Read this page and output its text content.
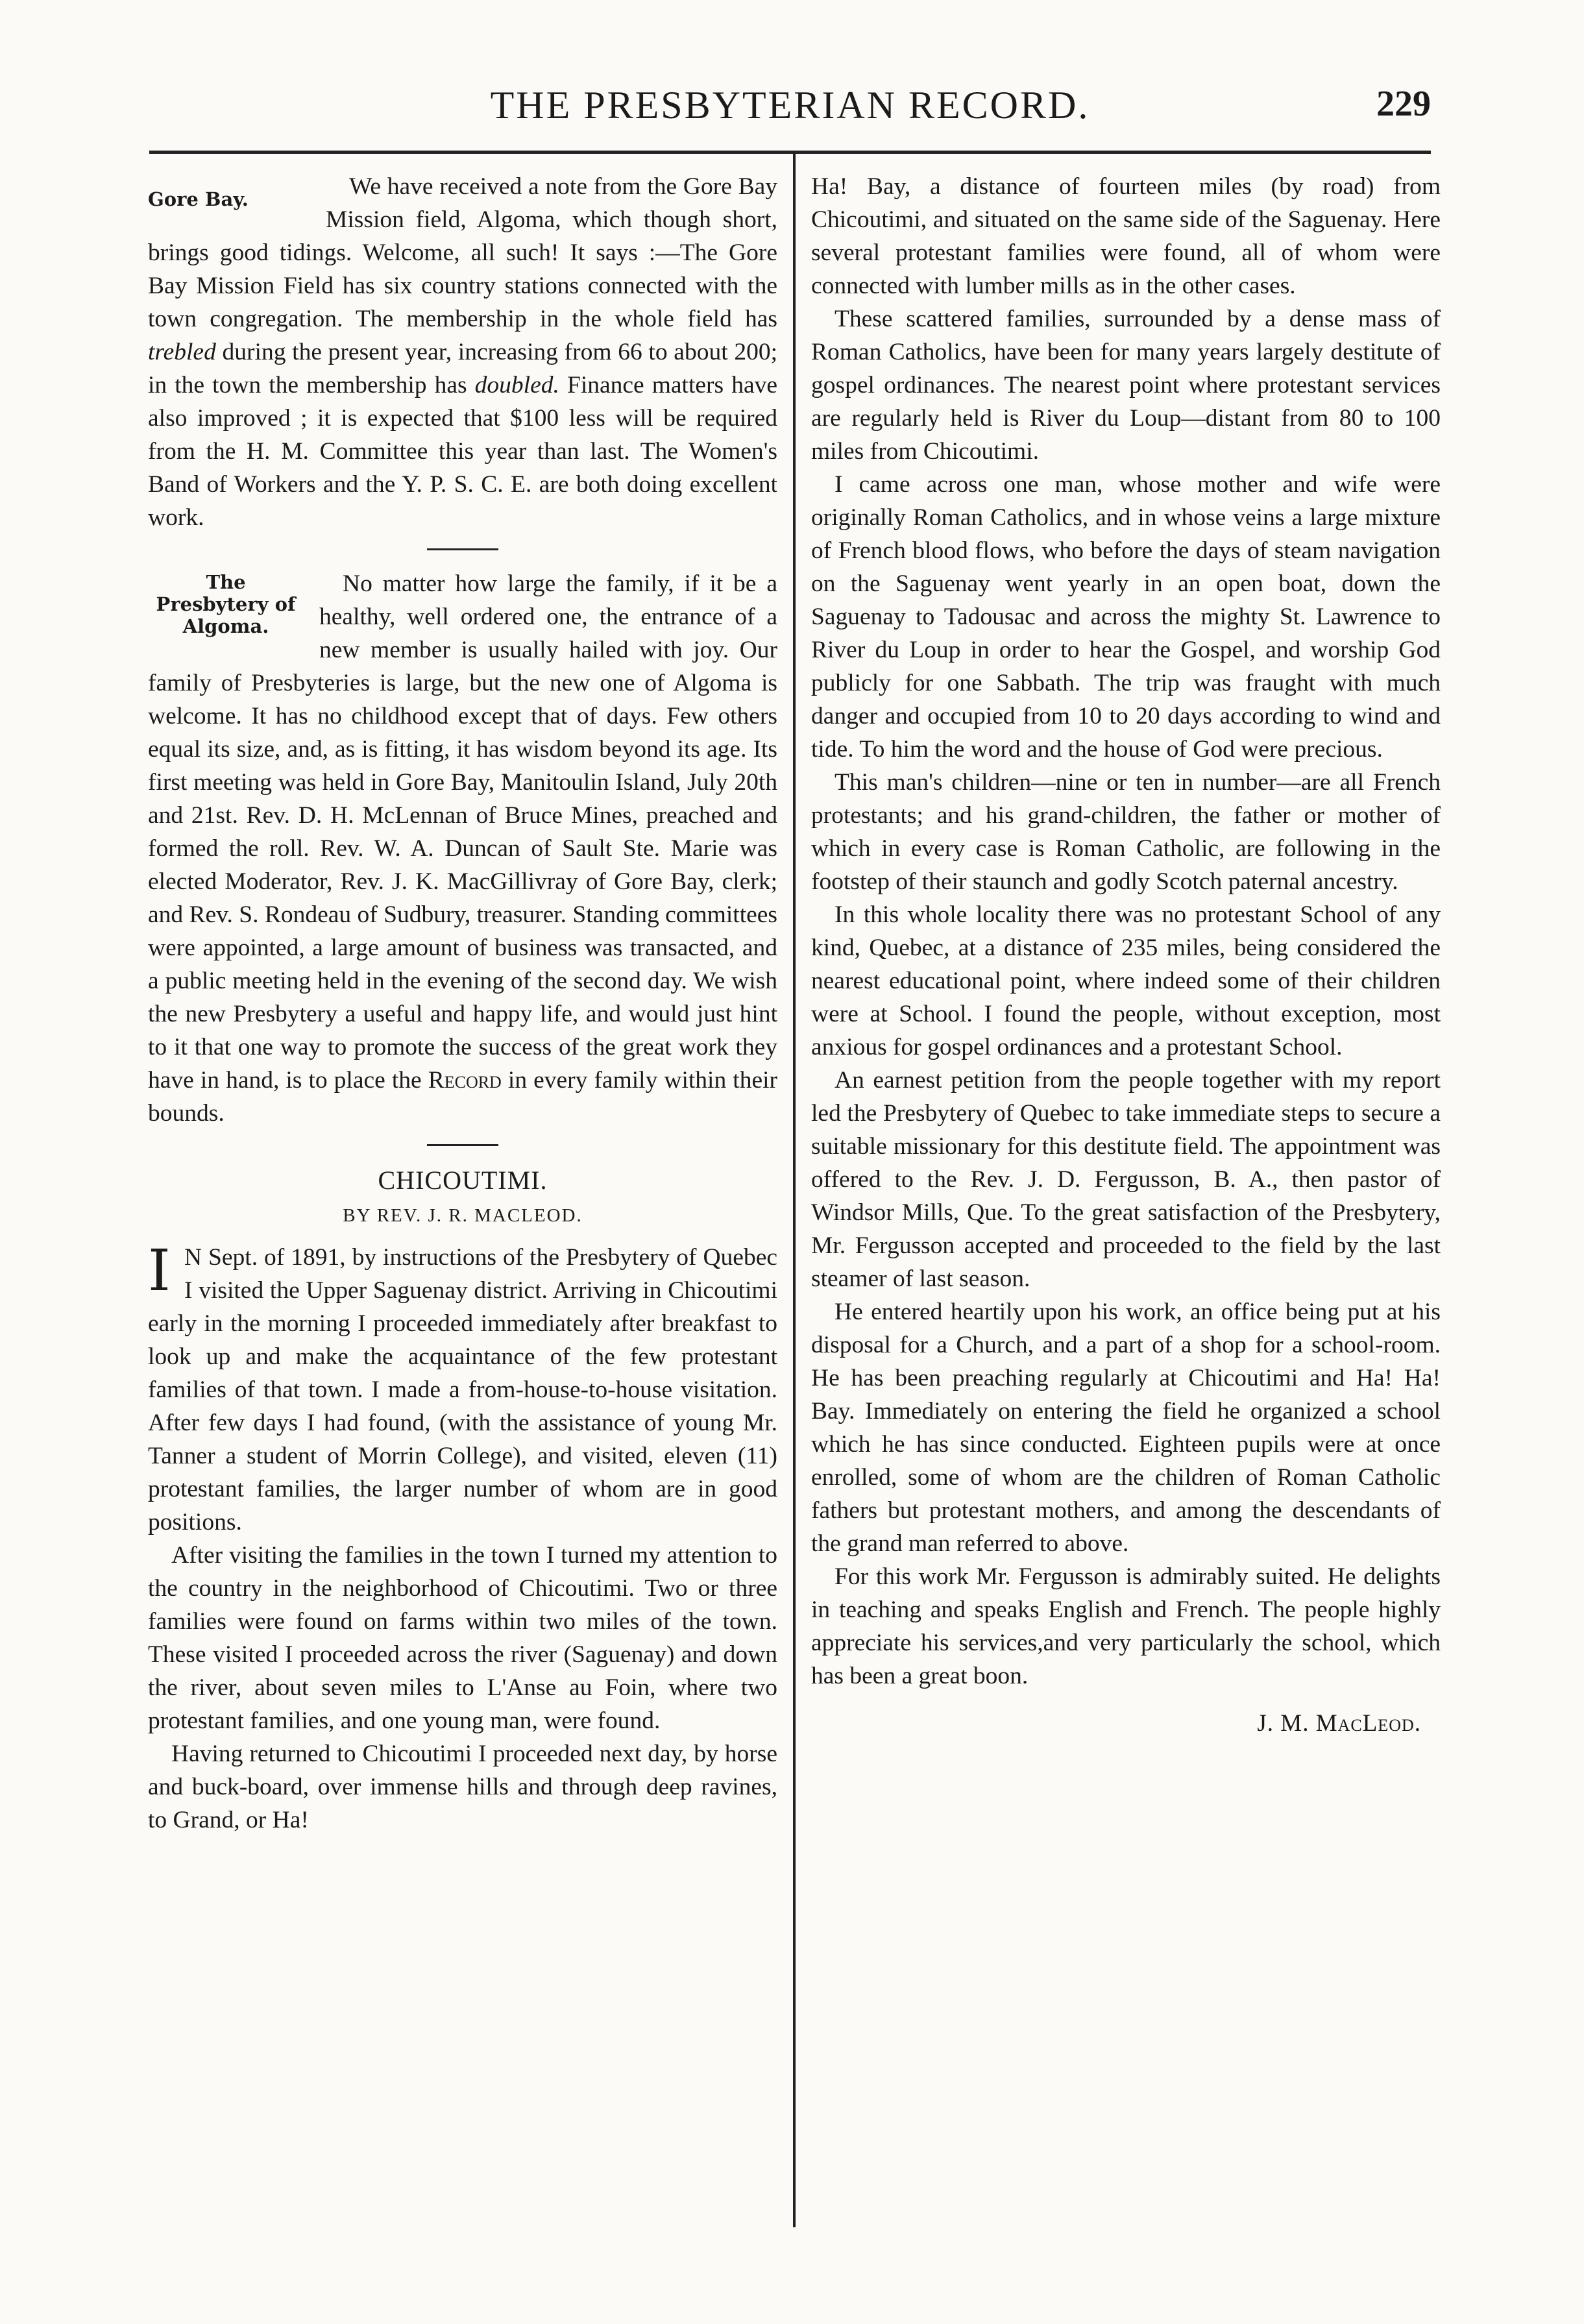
THE PRESBYTERIAN RECORD.	229
Gore Bay.	We have received a note from the Gore Bay Mission field, Algoma, which though short, brings good tidings. Welcome, all such! It says :—The Gore Bay Mission Field has six country stations connected with the town congregation. The membership in the whole field has trebled during the present year, increasing from 66 to about 200; in the town the membership has doubled. Finance matters have also improved ; it is expected that $100 less will be required from the H. M. Committee this year than last. The Women's Band of Workers and the Y. P. S. C. E. are both doing excellent work.

The Presbytery of Algoma.

No matter how large the family, if it be a healthy, well ordered one, the entrance of a new member is usually hailed with joy. Our family of Presbyteries is large, but the new one of Algoma is welcome. It has no childhood except that of days. Few others equal its size, and, as is fitting, it has wisdom beyond its age. Its first meeting was held in Gore Bay, Manitoulin Island, July 20th and 21st. Rev. D. H. McLennan of Bruce Mines, preached and formed the roll. Rev. W. A. Duncan of Sault Ste. Marie was elected Moderator, Rev. J. K. MacGillivray of Gore Bay, clerk; and Rev. S. Rondeau of Sudbury, treasurer. Standing committees were appointed, a large amount of business was transacted, and a public meeting held in the evening of the second day. We wish the new Presbytery a useful and happy life, and would just hint to it that one way to promote the success of the great work they have in hand, is to place the Record in every family within their bounds.

CHICOUTIMI.
BY REV. J. R. MACLEOD.

I N Sept. of 1891, by instructions of the Presbytery of Quebec I visited the Upper Saguenay district. Arriving in Chicoutimi early in the morning I proceeded immediately after breakfast to look up and make the acquaintance of the few protestant families of that town. I made a from-house-to-house visitation. After few days I had found, (with the assistance of young Mr. Tanner a student of Morrin College), and visited, eleven (11) protestant families, the larger number of whom are in good positions.

After visiting the families in the town I turned my attention to the country in the neighborhood of Chicoutimi. Two or three families were found on farms within two miles of the town. These visited I proceeded across the river (Saguenay) and down the river, about seven miles to L'Anse au Foin, where two protestant families, and one young man, were found.

Having returned to Chicoutimi I proceeded next day, by horse and buck-board, over immense hills and through deep ravines, to Grand, or Ha!

Ha! Bay, a distance of fourteen miles (by road) from Chicoutimi, and situated on the same side of the Saguenay. Here several protestant families were found, all of whom were connected with lumber mills as in the other cases.

These scattered families, surrounded by a dense mass of Roman Catholics, have been for many years largely destitute of gospel ordinances. The nearest point where protestant services are regularly held is River du Loup—distant from 80 to 100 miles from Chicoutimi.

I came across one man, whose mother and wife were originally Roman Catholics, and in whose veins a large mixture of French blood flows, who before the days of steam navigation on the Saguenay went yearly in an open boat, down the Saguenay to Tadousac and across the mighty St. Lawrence to River du Loup in order to hear the Gospel, and worship God publicly for one Sabbath. The trip was fraught with much danger and occupied from 10 to 20 days according to wind and tide. To him the word and the house of God were precious.

This man's children—nine or ten in number—are all French protestants; and his grand-children, the father or mother of which in every case is Roman Catholic, are following in the footstep of their staunch and godly Scotch paternal ancestry.

In this whole locality there was no protestant School of any kind, Quebec, at a distance of 235 miles, being considered the nearest educational point, where indeed some of their children were at School. I found the people, without exception, most anxious for gospel ordinances and a protestant School.

An earnest petition from the people together with my report led the Presbytery of Quebec to take immediate steps to secure a suitable missionary for this destitute field. The appointment was offered to the Rev. J. D. Fergusson, B. A., then pastor of Windsor Mills, Que. To the great satisfaction of the Presbytery, Mr. Fergusson accepted and proceeded to the field by the last steamer of last season.

He entered heartily upon his work, an office being put at his disposal for a Church, and a part of a shop for a school-room. He has been preaching regularly at Chicoutimi and Ha! Ha! Bay. Immediately on entering the field he organized a school which he has since conducted. Eighteen pupils were at once enrolled, some of whom are the children of Roman Catholic fathers but protestant mothers, and among the descendants of the grand man referred to above.

For this work Mr. Fergusson is admirably suited. He delights in teaching and speaks English and French. The people highly appreciate his services,and very particularly the school, which has been a great boon.

J. M. MacLeod.
